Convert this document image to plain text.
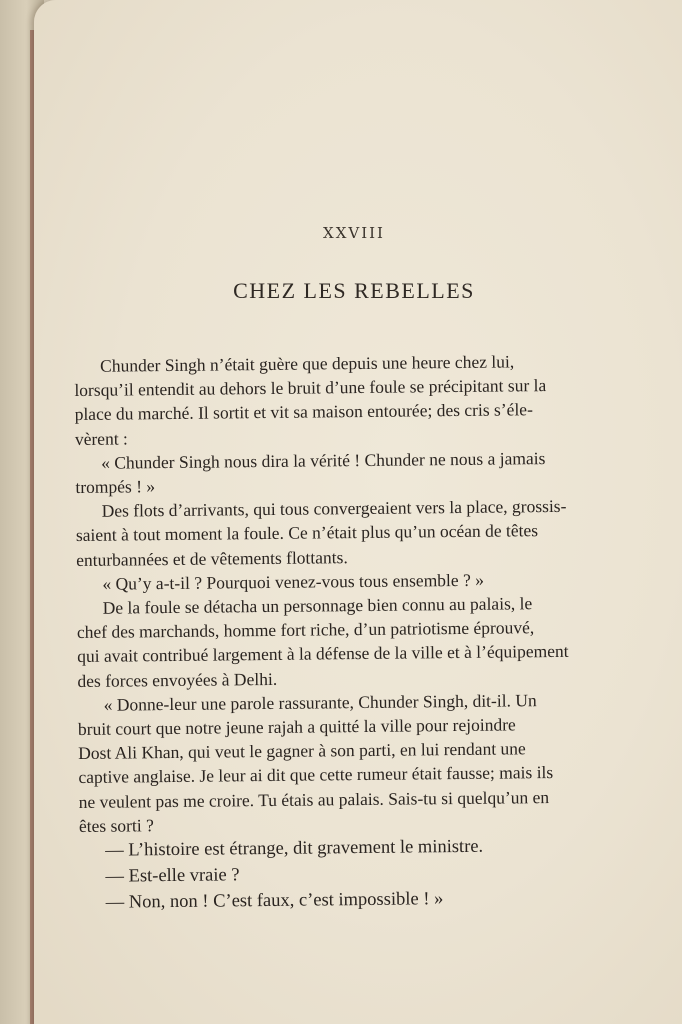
XXVIII
CHEZ LES REBELLES

Chunder Singh n’était guère que depuis une heure chez lui,
lorsqu’il entendit au dehors le bruit d’une foule se précipitant sur la
place du marché. Il sortit et vit sa maison entourée; des cris s’éle-
vèrent :

« Chunder Singh nous dira la vérité ! Chunder ne nous a jamais
trompés ! »

Des flots d’arrivants, qui tous convergeaient vers la place, grossis-
saient à tout moment la foule. Ce n’était plus qu’un océan de têtes
enturbannées et de vêtements flottants.

« Qu’y a-t-il ? Pourquoi venez-vous tous ensemble ? »

De la foule se détacha un personnage bien connu au palais, le
chef des marchands, homme fort riche, d’un patriotisme éprouvé,
qui avait contribué largement à la défense de la ville et à l’équipement
des forces envoyées à Delhi.

« Donne-leur une parole rassurante, Chunder Singh, dit-il. Un
bruit court que notre jeune rajah a quitté la ville pour rejoindre
Dost Ali Khan, qui veut le gagner à son parti, en lui rendant une
captive anglaise. Je leur ai dit que cette rumeur était fausse; mais ils
ne veulent pas me croire. Tu étais au palais. Sais-tu si quelqu’un en
êtes sorti ?

— L’histoire est étrange, dit gravement le ministre.
— Est-elle vraie ?
— Non, non ! C’est faux, c’est impossible ! »
